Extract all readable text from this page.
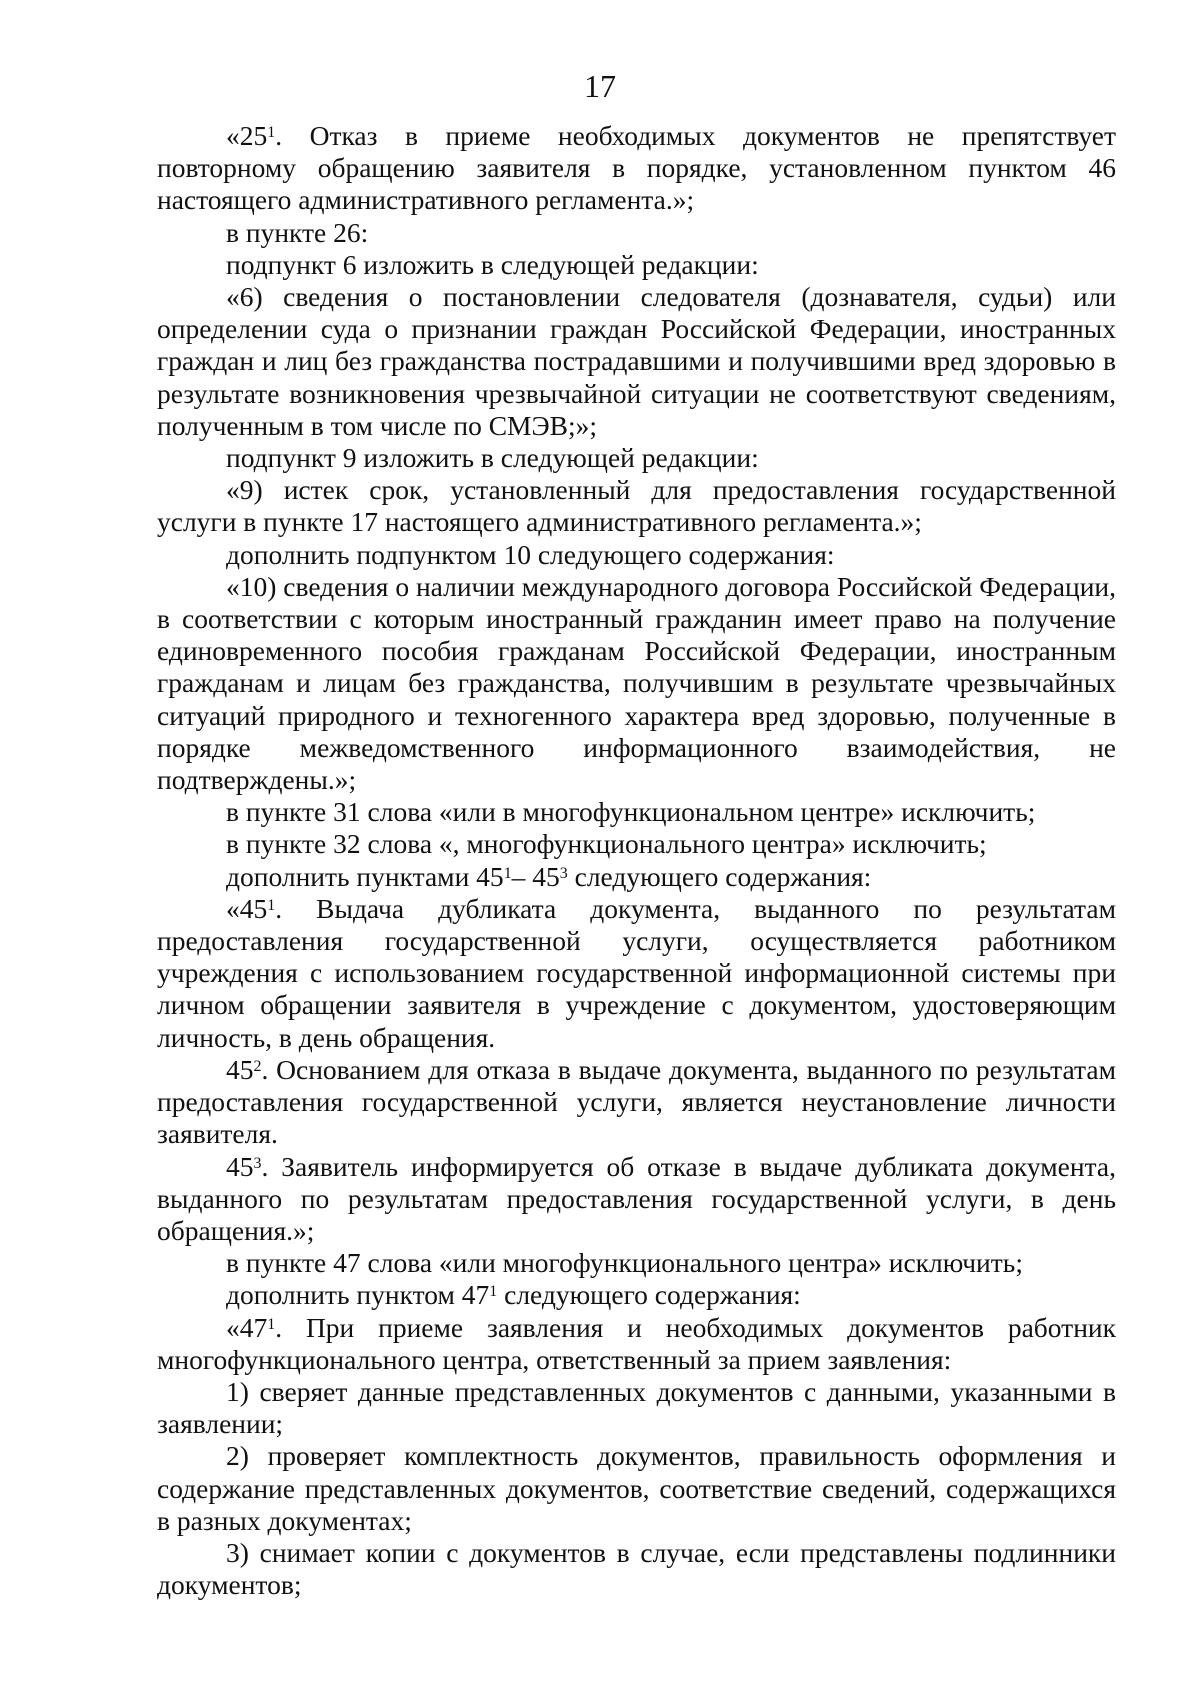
17

«$25^1$. Отказ в приеме необходимых документов не препятствует повторному обращению заявителя в порядке, установленном пунктом 46 настоящего административного регламента.»;

в пункте 26:

подпункт 6 изложить в следующей редакции:

«6) сведения о постановлении следователя (дознавателя, судьи) или определении суда о признании граждан Российской Федерации, иностранных граждан и лиц без гражданства пострадавшими и получившими вред здоровью в результате возникновения чрезвычайной ситуации не соответствуют сведениям, полученным в том числе по СМЭВ;»;

подпункт 9 изложить в следующей редакции:

«9) истек срок, установленный для предоставления государственной услуги в пункте 17 настоящего административного регламента.»;

дополнить подпунктом 10 следующего содержания:

«10) сведения о наличии международного договора Российской Федерации, в соответствии с которым иностранный гражданин имеет право на получение единовременного пособия гражданам Российской Федерации, иностранным гражданам и лицам без гражданства, получившим в результате чрезвычайных ситуаций природного и техногенного характера вред здоровью, полученные в порядке межведомственного информационного взаимодействия, не подтверждены.»;

в пункте 31 слова «или в многофункциональном центре» исключить;

в пункте 32 слова «, многофункционального центра» исключить;

дополнить пунктами $45^1-$ $45^3$ следующего содержания:

«$45^1$. Выдача дубликата документа, выданного по результатам предоставления государственной услуги, осуществляется работником учреждения с использованием государственной информационной системы при личном обращении заявителя в учреждение с документом, удостоверяющим личность, в день обращения.

$45^2$. Основанием для отказа в выдаче документа, выданного по результатам предоставления государственной услуги, является неустановление личности заявителя.

$45^3$. Заявитель информируется об отказе в выдаче дубликата документа, выданного по результатам предоставления государственной услуги, в день обращения.»;

в пункте 47 слова «или многофункционального центра» исключить;

дополнить пунктом $47^1$ следующего содержания:

«$47^1$. При приеме заявления и необходимых документов работник многофункционального центра, ответственный за прием заявления:

1) сверяет данные представленных документов с данными, указанными в заявлении;

2) проверяет комплектность документов, правильность оформления и содержание представленных документов, соответствие сведений, содержащихся в разных документах;

3) снимает копии с документов в случае, если представлены подлинники документов;
